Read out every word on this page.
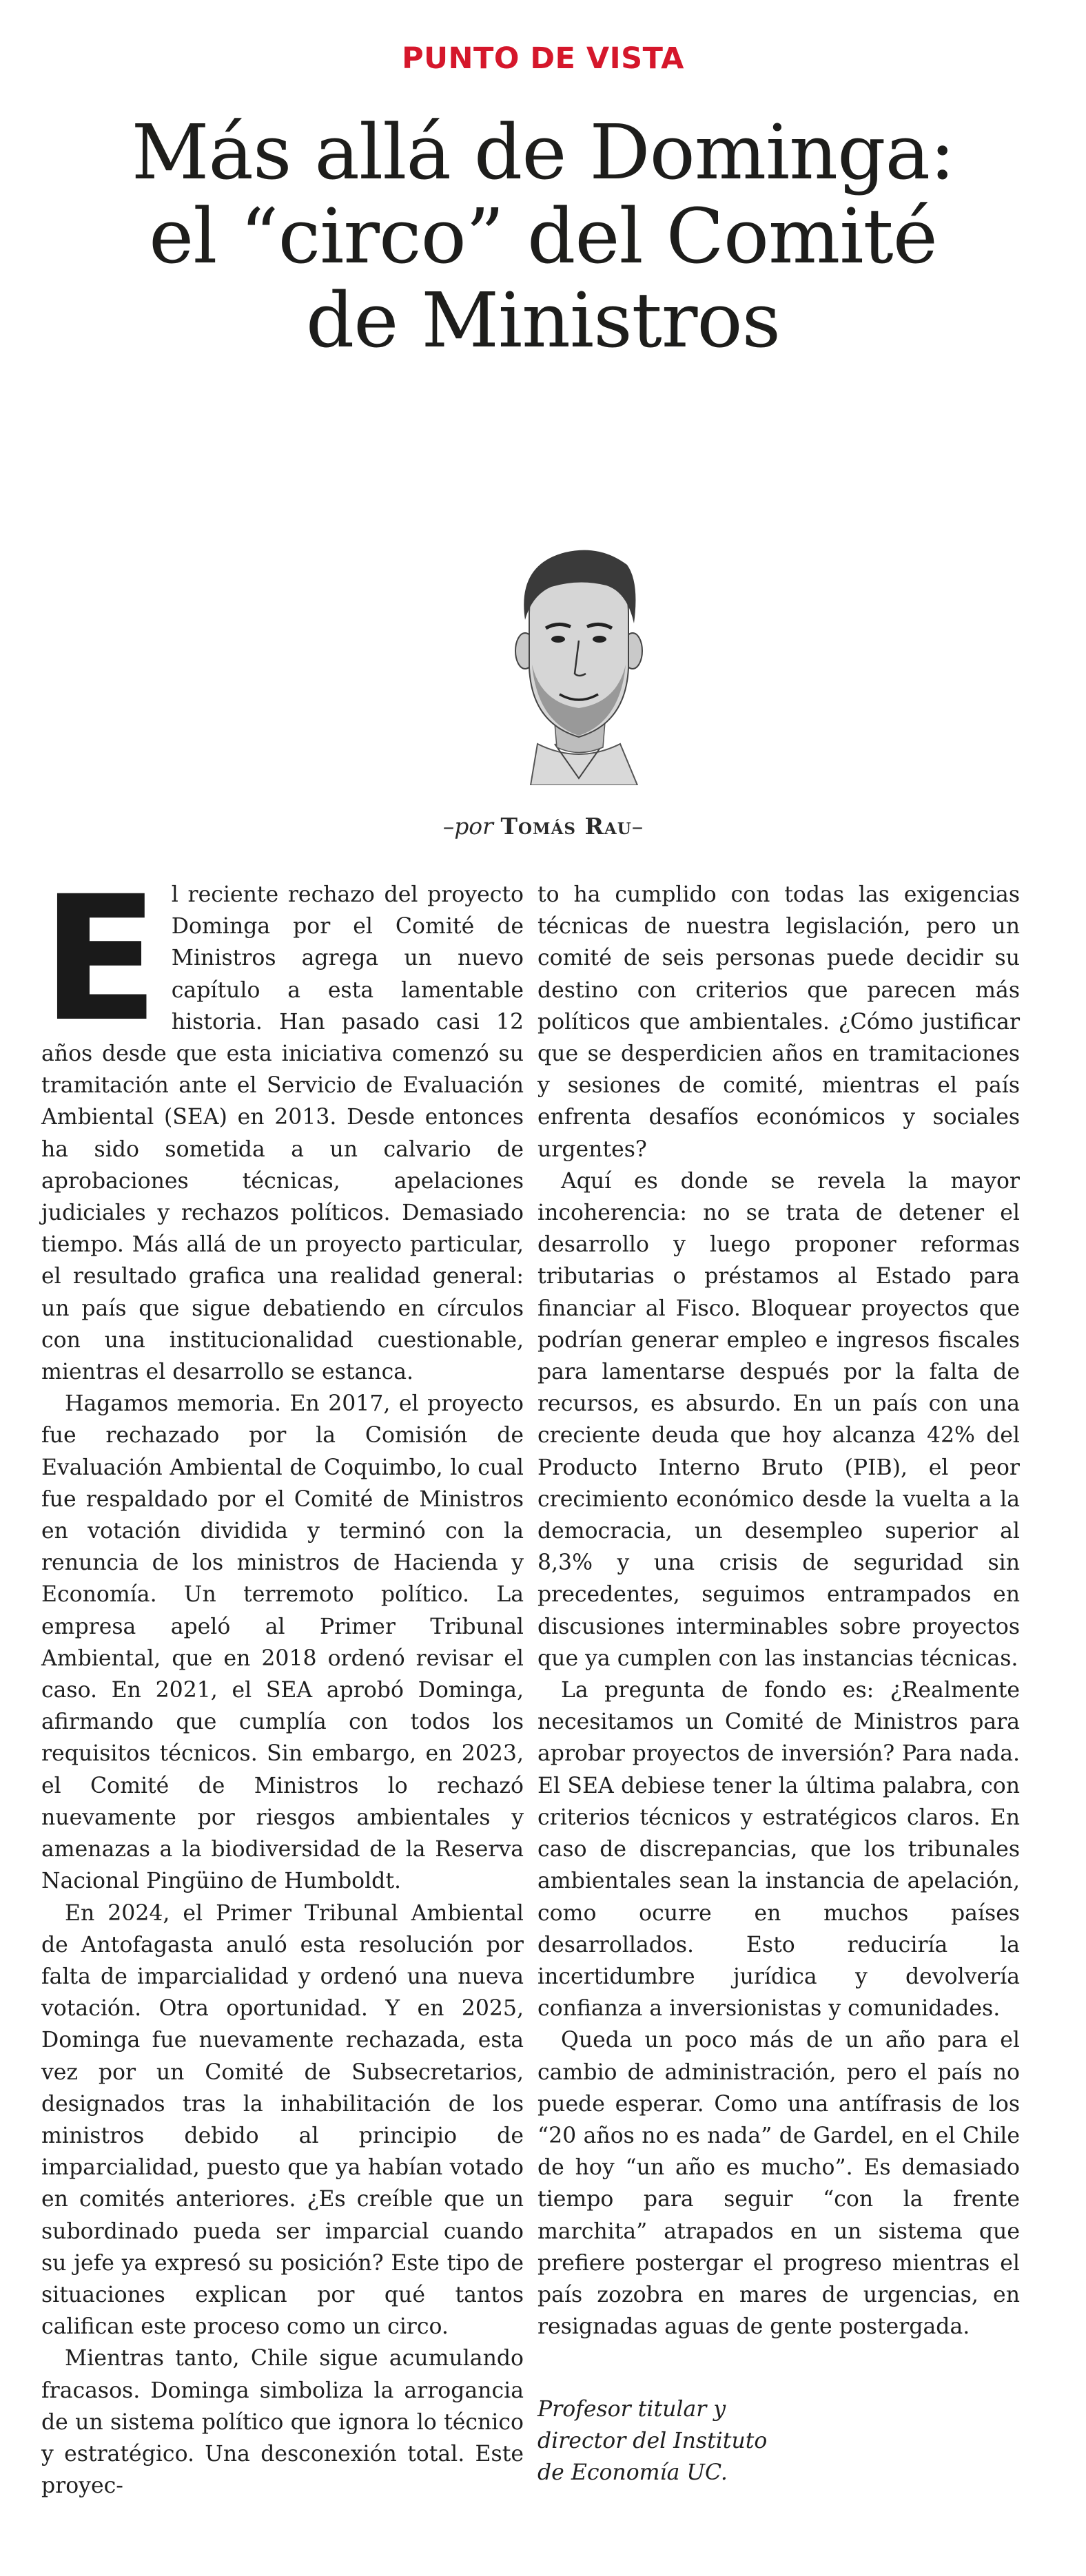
PUNTO DE VISTA
Más allá de Dominga:
el “circo” del Comité
de Ministros
–por Tomás Rau–

El reciente rechazo del proyecto Dominga por el Comité de Ministros agrega un nuevo capítulo a esta lamentable historia. Han pasado casi 12 años desde que esta iniciativa comenzó su tramitación ante el Servicio de Evaluación Ambiental (SEA) en 2013. Desde entonces ha sido sometida a un calvario de aprobaciones técnicas, apelaciones judiciales y rechazos políticos. Demasiado tiempo. Más allá de un proyecto particular, el resultado grafica una realidad general: un país que sigue debatiendo en círculos con una institucionalidad cuestionable, mientras el desarrollo se estanca.

Hagamos memoria. En 2017, el proyecto fue rechazado por la Comisión de Evaluación Ambiental de Coquimbo, lo cual fue respaldado por el Comité de Ministros en votación dividida y terminó con la renuncia de los ministros de Hacienda y Economía. Un terremoto político. La empresa apeló al Primer Tribunal Ambiental, que en 2018 ordenó revisar el caso. En 2021, el SEA aprobó Dominga, afirmando que cumplía con todos los requisitos técnicos. Sin embargo, en 2023, el Comité de Ministros lo rechazó nuevamente por riesgos ambientales y amenazas a la biodiversidad de la Reserva Nacional Pingüino de Humboldt.

En 2024, el Primer Tribunal Ambiental de Antofagasta anuló esta resolución por falta de imparcialidad y ordenó una nueva votación. Otra oportunidad. Y en 2025, Dominga fue nuevamente rechazada, esta vez por un Comité de Subsecretarios, designados tras la inhabilitación de los ministros debido al principio de imparcialidad, puesto que ya habían votado en comités anteriores. ¿Es creíble que un subordinado pueda ser imparcial cuando su jefe ya expresó su posición? Este tipo de situaciones explican por qué tantos califican este proceso como un circo.

Mientras tanto, Chile sigue acumulando fracasos. Dominga simboliza la arrogancia de un sistema político que ignora lo técnico y estratégico. Una desconexión total. Este proyec-

to ha cumplido con todas las exigencias técnicas de nuestra legislación, pero un comité de seis personas puede decidir su destino con criterios que parecen más políticos que ambientales. ¿Cómo justificar que se desperdicien años en tramitaciones y sesiones de comité, mientras el país enfrenta desafíos económicos y sociales urgentes?

Aquí es donde se revela la mayor incoherencia: no se trata de detener el desarrollo y luego proponer reformas tributarias o préstamos al Estado para financiar al Fisco. Bloquear proyectos que podrían generar empleo e ingresos fiscales para lamentarse después por la falta de recursos, es absurdo. En un país con una creciente deuda que hoy alcanza 42% del Producto Interno Bruto (PIB), el peor crecimiento económico desde la vuelta a la democracia, un desempleo superior al 8,3% y una crisis de seguridad sin precedentes, seguimos entrampados en discusiones interminables sobre proyectos que ya cumplen con las instancias técnicas.

La pregunta de fondo es: ¿Realmente necesitamos un Comité de Ministros para aprobar proyectos de inversión? Para nada. El SEA debiese tener la última palabra, con criterios técnicos y estratégicos claros. En caso de discrepancias, que los tribunales ambientales sean la instancia de apelación, como ocurre en muchos países desarrollados. Esto reduciría la incertidumbre jurídica y devolvería confianza a inversionistas y comunidades.

Queda un poco más de un año para el cambio de administración, pero el país no puede esperar. Como una antífrasis de los “20 años no es nada” de Gardel, en el Chile de hoy “un año es mucho”. Es demasiado tiempo para seguir “con la frente marchita” atrapados en un sistema que prefiere postergar el progreso mientras el país zozobra en mares de urgencias, en resignadas aguas de gente postergada.

Profesor titular y
director del Instituto
de Economía UC.
